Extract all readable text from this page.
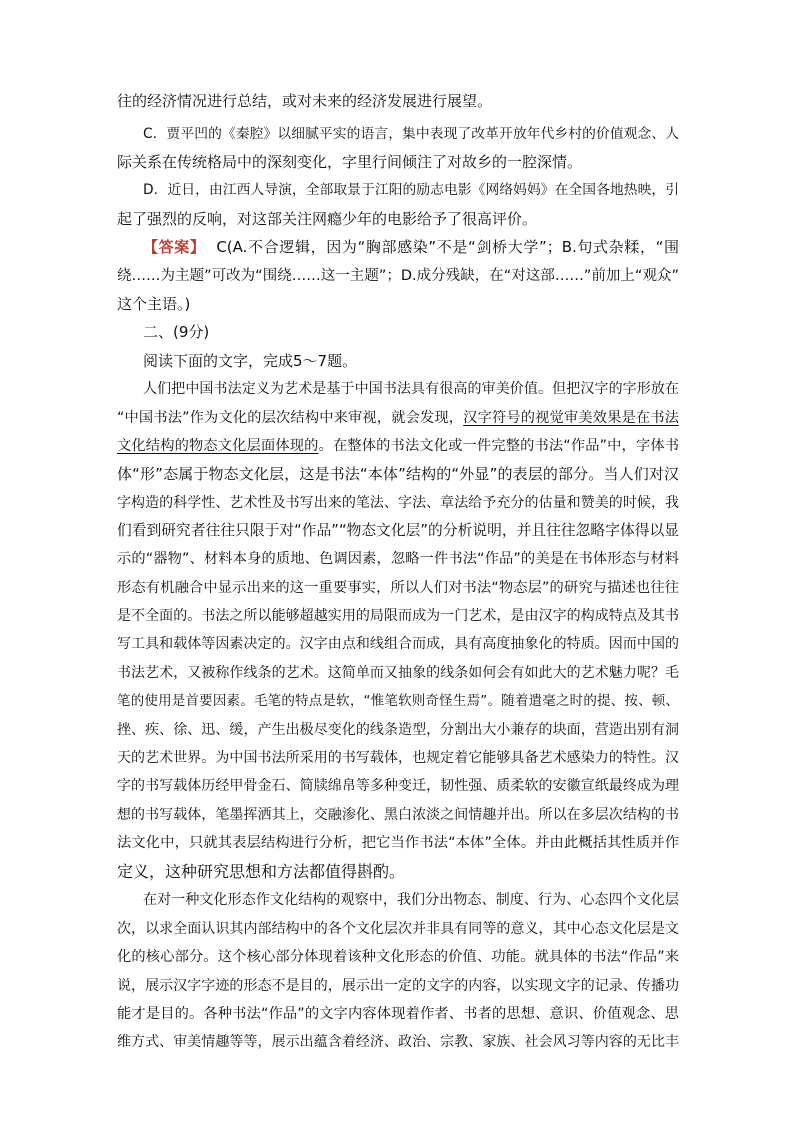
往的经济情况进行总结，或对未来的经济发展进行展望。
C．贾平凹的《秦腔》以细腻平实的语言，集中表现了改革开放年代乡村的价值观念、人
际关系在传统格局中的深刻变化，字里行间倾注了对故乡的一腔深情。
D．近日，由江西人导演，全部取景于江阳的励志电影《网络妈妈》在全国各地热映，引
起了强烈的反响，对这部关注网瘾少年的电影给予了很高评价。
【答案】 C(A.不合逻辑，因为“胸部感染”不是“剑桥大学”；B.句式杂糅，“围
绕……为主题”可改为“围绕……这一主题”；D.成分残缺，在“对这部……”前加上“观众”
这个主语。)
二、(9分)
阅读下面的文字，完成5～7题。
人们把中国书法定义为艺术是基于中国书法具有很高的审美价值。但把汉字的字形放在
“中国书法”作为文化的层次结构中来审视，就会发现，汉字符号的视觉审美效果是在书法
文化结构的物态文化层面体现的。在整体的书法文化或一件完整的书法“作品”中，字体书
体“形”态属于物态文化层，这是书法“本体”结构的“外显”的表层的部分。当人们对汉
字构造的科学性、艺术性及书写出来的笔法、字法、章法给予充分的估量和赞美的时候，我
们看到研究者往往只限于对“作品”“物态文化层”的分析说明，并且往往忽略字体得以显
示的“器物”、材料本身的质地、色调因素，忽略一件书法“作品”的美是在书体形态与材料
形态有机融合中显示出来的这一重要事实，所以人们对书法“物态层”的研究与描述也往往
是不全面的。书法之所以能够超越实用的局限而成为一门艺术，是由汉字的构成特点及其书
写工具和载体等因素决定的。汉字由点和线组合而成，具有高度抽象化的特质。因而中国的
书法艺术，又被称作线条的艺术。这简单而又抽象的线条如何会有如此大的艺术魅力呢？毛
笔的使用是首要因素。毛笔的特点是软，“惟笔软则奇怪生焉”。随着遣毫之时的提、按、顿、
挫、疾、徐、迅、缓，产生出极尽变化的线条造型，分割出大小兼存的块面，营造出别有洞
天的艺术世界。为中国书法所采用的书写载体，也规定着它能够具备艺术感染力的特性。汉
字的书写载体历经甲骨金石、简牍绵帛等多种变迁，韧性强、质柔软的安徽宣纸最终成为理
想的书写载体，笔墨挥洒其上，交融渗化、黑白浓淡之间情趣并出。所以在多层次结构的书
法文化中，只就其表层结构进行分析，把它当作书法“本体”全体。并由此概括其性质并作
定义，这种研究思想和方法都值得斟酌。
在对一种文化形态作文化结构的观察中，我们分出物态、制度、行为、心态四个文化层
次，以求全面认识其内部结构中的各个文化层次并非具有同等的意义，其中心态文化层是文
化的核心部分。这个核心部分体现着该种文化形态的价值、功能。就具体的书法“作品”来
说，展示汉字字迹的形态不是目的，展示出一定的文字的内容，以实现文字的记录、传播功
能才是目的。各种书法“作品”的文字内容体现着作者、书者的思想、意识、价值观念、思
维方式、审美情趣等等，展示出蕴含着经济、政治、宗教、家族、社会风习等内容的无比丰
